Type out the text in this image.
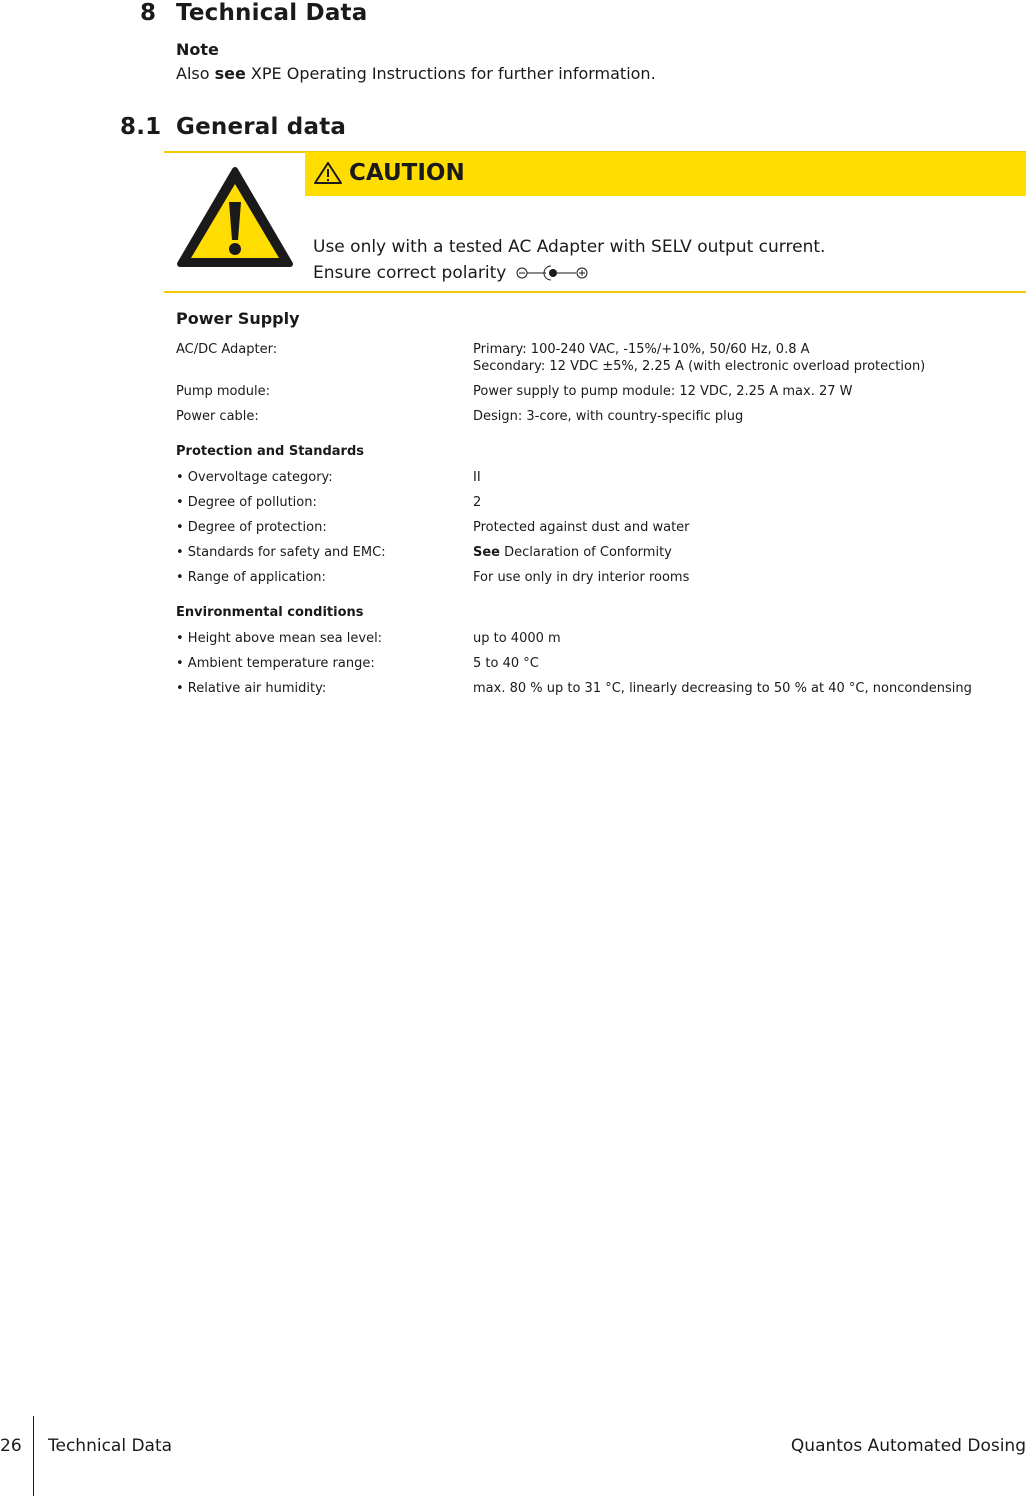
8 Technical Data
Note
Also see XPE Operating Instructions for further information.
8.1 General data
CAUTION
Use only with a tested AC Adapter with SELV output current.
Ensure correct polarity
Power Supply
AC/DC Adapter:	Primary: 100-240 VAC, -15%/+10%, 50/60 Hz, 0.8 A
Secondary: 12 VDC ±5%, 2.25 A (with electronic overload protection)
Pump module:	Power supply to pump module: 12 VDC, 2.25 A max. 27 W
Power cable:	Design: 3-core, with country-specific plug
Protection and Standards
• Overvoltage category:	II
• Degree of pollution:	2
• Degree of protection:	Protected against dust and water
• Standards for safety and EMC:	See Declaration of Conformity
• Range of application:	For use only in dry interior rooms
Environmental conditions
• Height above mean sea level:	up to 4000 m
• Ambient temperature range:	5 to 40 °C
• Relative air humidity:	max. 80 % up to 31 °C, linearly decreasing to 50 % at 40 °C, noncondensing
26 Technical Data	Quantos Automated Dosing
